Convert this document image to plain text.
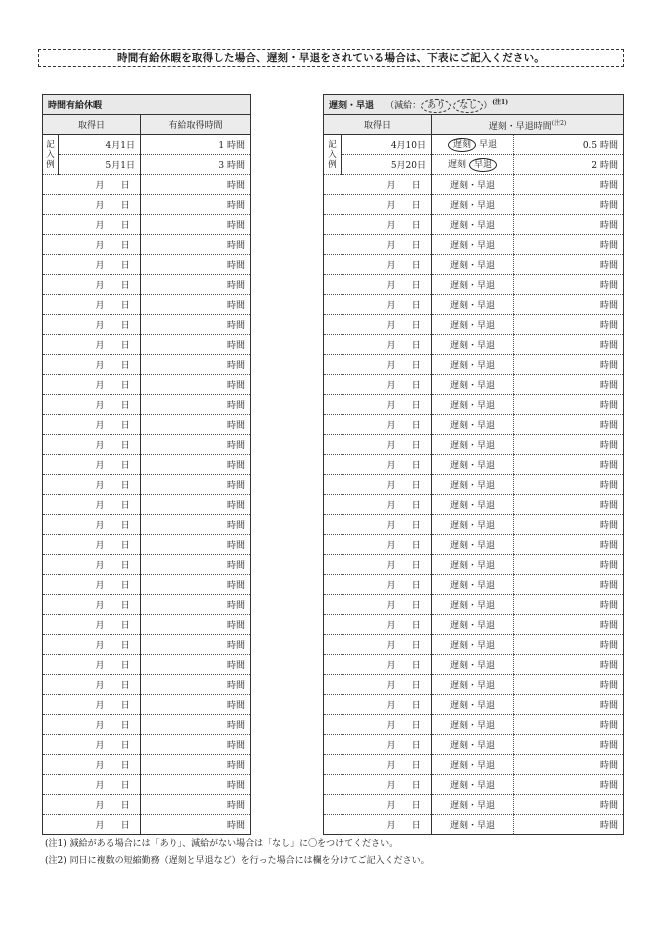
時間有給休暇を取得した場合、遅刻・早退をされている場合は、下表にご記入ください。
時間有給休暇			
取得日			有給取得時間
記
入
例	4月1日		1 時間
	5月1日		3 時間
月		日	時間
月		日	時間
月		日	時間
月		日	時間
月		日	時間
月		日	時間
月		日	時間
月		日	時間
月		日	時間
月		日	時間
月		日	時間
月		日	時間
月		日	時間
月		日	時間
月		日	時間
月		日	時間
月		日	時間
月		日	時間
月		日	時間
月		日	時間
月		日	時間
月		日	時間
月		日	時間
月		日	時間
月		日	時間
月		日	時間
月		日	時間
月		日	時間
月		日	時間
月		日	時間
月		日	時間
月		日	時間
月		日	時間
遅刻・早退 （減給： あり なし ）$^{(注1)}$
取得日			遅刻・早退時間$^{(注2)}$
記
入
例	4月10日		遅刻 早退	0.5 時間
	5月20日		遅刻 早退	2 時間
月		日	遅刻・早退	時間
月		日	遅刻・早退	時間
月		日	遅刻・早退	時間
月		日	遅刻・早退	時間
月		日	遅刻・早退	時間
月		日	遅刻・早退	時間
月		日	遅刻・早退	時間
月		日	遅刻・早退	時間
月		日	遅刻・早退	時間
月		日	遅刻・早退	時間
月		日	遅刻・早退	時間
月		日	遅刻・早退	時間
月		日	遅刻・早退	時間
月		日	遅刻・早退	時間
月		日	遅刻・早退	時間
月		日	遅刻・早退	時間
月		日	遅刻・早退	時間
月		日	遅刻・早退	時間
月		日	遅刻・早退	時間
月		日	遅刻・早退	時間
月		日	遅刻・早退	時間
月		日	遅刻・早退	時間
月		日	遅刻・早退	時間
月		日	遅刻・早退	時間
月		日	遅刻・早退	時間
月		日	遅刻・早退	時間
月		日	遅刻・早退	時間
月		日	遅刻・早退	時間
月		日	遅刻・早退	時間
月		日	遅刻・早退	時間
月		日	遅刻・早退	時間
月		日	遅刻・早退	時間
月		日	遅刻・早退	時間
(注1) 減給がある場合には「あり」、減給がない場合は「なし」に〇をつけてください。
(注2) 同日に複数の短縮勤務（遅刻と早退など）を行った場合には欄を分けてご記入ください。
